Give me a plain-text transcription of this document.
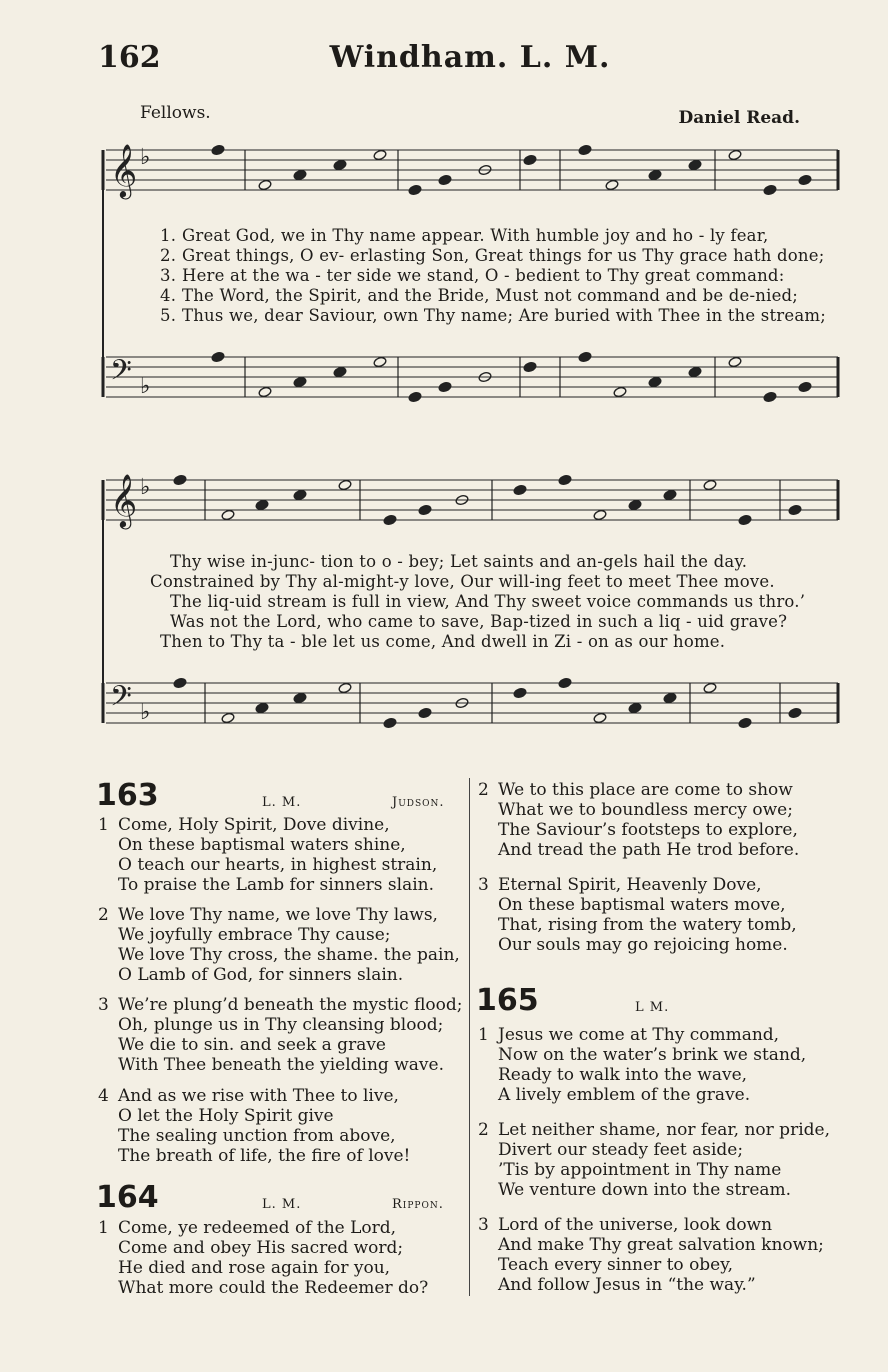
162	Windham. L. M.
Fellows.	Daniel Read.
𝄞 ♭
𝄢 ♭
𝄞 ♭
𝄢 ♭
1. Great God, we in Thy name appear. With humble joy and ho - ly fear,
2. Great things, O ev- erlasting Son, Great things for us Thy grace hath done;
3. Here at the wa - ter side we stand, O - bedient to Thy great command:
4. The Word, the Spirit, and the Bride, Must not command and be de-nied;
5. Thus we, dear Saviour, own Thy name; Are buried with Thee in the stream;
Thy wise in-junc- tion to o - bey; Let saints and an-gels hail the day.
Constrained by Thy al-might-y love, Our will-ing feet to meet Thee move.
The liq-uid stream is full in view, And Thy sweet voice commands us thro.’
Was not the Lord, who came to save, Bap-tized in such a liq - uid grave?
Then to Thy ta - ble let us come, And dwell in Zi - on as our home.
163	L. M.	Judson.
1 Come, Holy Spirit, Dove divine,
On these baptismal waters shine,
O teach our hearts, in highest strain,
To praise the Lamb for sinners slain.
2 We love Thy name, we love Thy laws,
We joyfully embrace Thy cause;
We love Thy cross, the shame. the pain,
O Lamb of God, for sinners slain.
3 We’re plung’d beneath the mystic flood;
Oh, plunge us in Thy cleansing blood;
We die to sin. and seek a grave
With Thee beneath the yielding wave.
4 And as we rise with Thee to live,
O let the Holy Spirit give
The sealing unction from above,
The breath of life, the fire of love!
164	L. M.	Rippon.
1 Come, ye redeemed of the Lord,
Come and obey His sacred word;
He died and rose again for you,
What more could the Redeemer do?
2 We to this place are come to show
What we to boundless mercy owe;
The Saviour’s footsteps to explore,
And tread the path He trod before.
3 Eternal Spirit, Heavenly Dove,
On these baptismal waters move,
That, rising from the watery tomb,
Our souls may go rejoicing home.
165	L M.
1 Jesus we come at Thy command,
Now on the water’s brink we stand,
Ready to walk into the wave,
A lively emblem of the grave.
2 Let neither shame, nor fear, nor pride,
Divert our steady feet aside;
’Tis by appointment in Thy name
We venture down into the stream.
3 Lord of the universe, look down
And make Thy great salvation known;
Teach every sinner to obey,
And follow Jesus in “the way.”
